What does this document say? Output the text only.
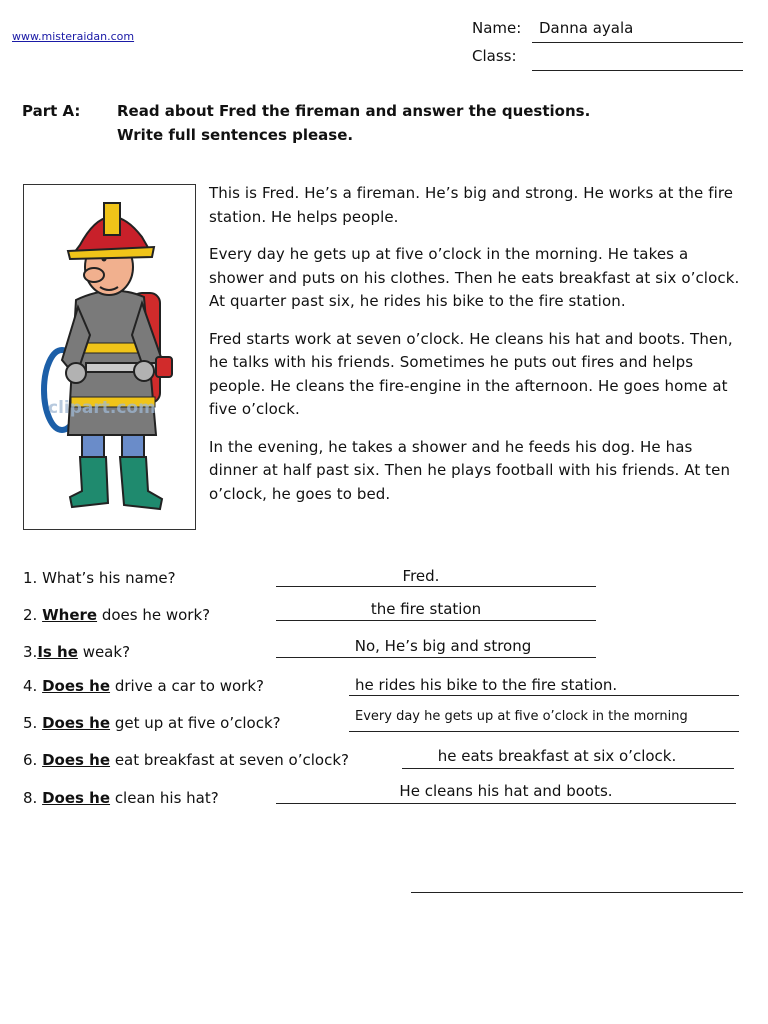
www.misteraidan.com	Name: Danna ayala
Class:
Part A: Read about Fred the fireman and answer the questions.
Write full sentences please.
clipart.com

This is Fred. He’s a fireman. He’s big and strong. He works at the fire station. He helps people.

Every day he gets up at five o’clock in the morning. He takes a shower and puts on his clothes. Then he eats breakfast at six o’clock. At quarter past six, he rides his bike to the fire station.

Fred starts work at seven o’clock. He cleans his hat and boots. Then, he talks with his friends. Sometimes he puts out fires and helps people. He cleans the fire-engine in the afternoon. He goes home at five o’clock.

In the evening, he takes a shower and he feeds his dog. He has dinner at half past six. Then he plays football with his friends. At ten o’clock, he goes to bed.

1. What’s his name?	Fred.
2. Where does he work?	the fire station
3.Is he weak?	No, He’s big and strong
4. Does he drive a car to work?	he rides his bike to the fire station.
5. Does he get up at five o’clock?	Every day he gets up at five o’clock in the morning
6. Does he eat breakfast at seven o’clock?	he eats breakfast at six o’clock.
8. Does he clean his hat?	He cleans his hat and boots.
